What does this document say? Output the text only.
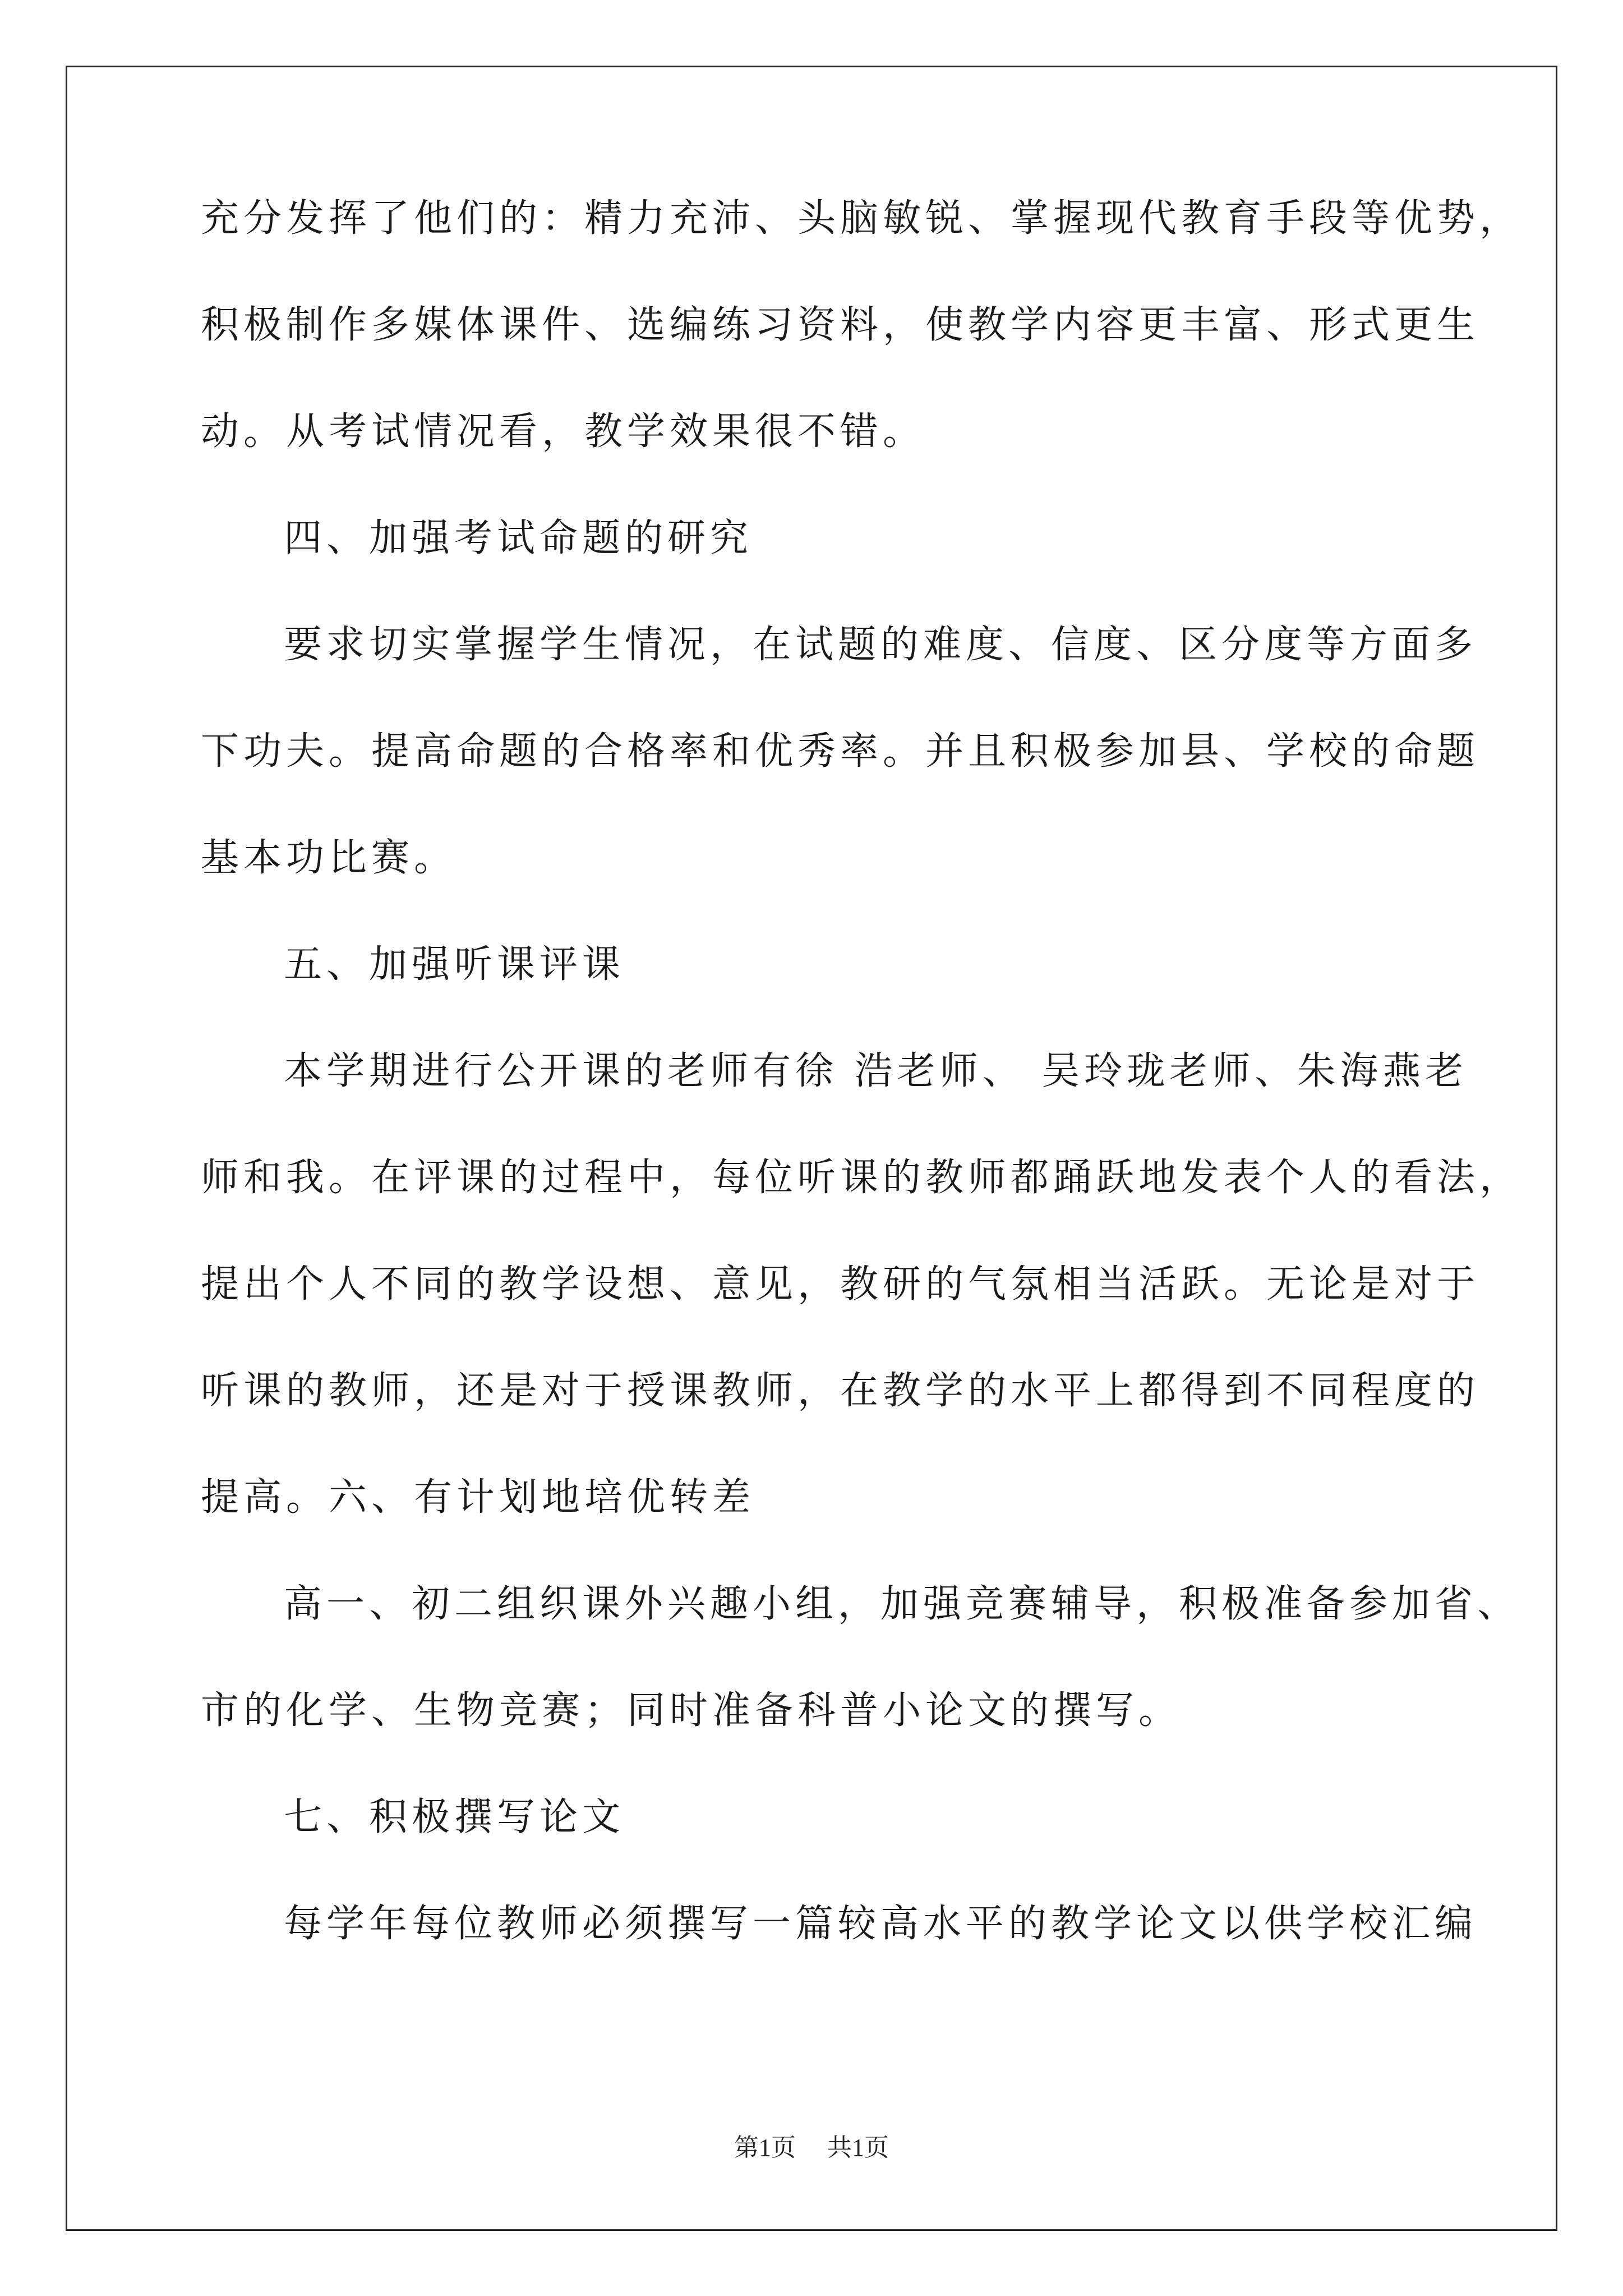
充分发挥了他们的：精力充沛、头脑敏锐、掌握现代教育手段等优势，
积极制作多媒体课件、选编练习资料，使教学内容更丰富、形式更生
动。从考试情况看，教学效果很不错。
四、加强考试命题的研究
要求切实掌握学生情况，在试题的难度、信度、区分度等方面多
下功夫。提高命题的合格率和优秀率。并且积极参加县、学校的命题
基本功比赛。
五、加强听课评课
本学期进行公开课的老师有徐 浩老师、 吴玲珑老师、朱海燕老
师和我。在评课的过程中，每位听课的教师都踊跃地发表个人的看法，
提出个人不同的教学设想、意见，教研的气氛相当活跃。无论是对于
听课的教师，还是对于授课教师，在教学的水平上都得到不同程度的
提高。六、有计划地培优转差
高一、初二组织课外兴趣小组，加强竞赛辅导，积极准备参加省、
市的化学、生物竞赛；同时准备科普小论文的撰写。
七、积极撰写论文
每学年每位教师必须撰写一篇较高水平的教学论文以供学校汇编
第1页 共1页
